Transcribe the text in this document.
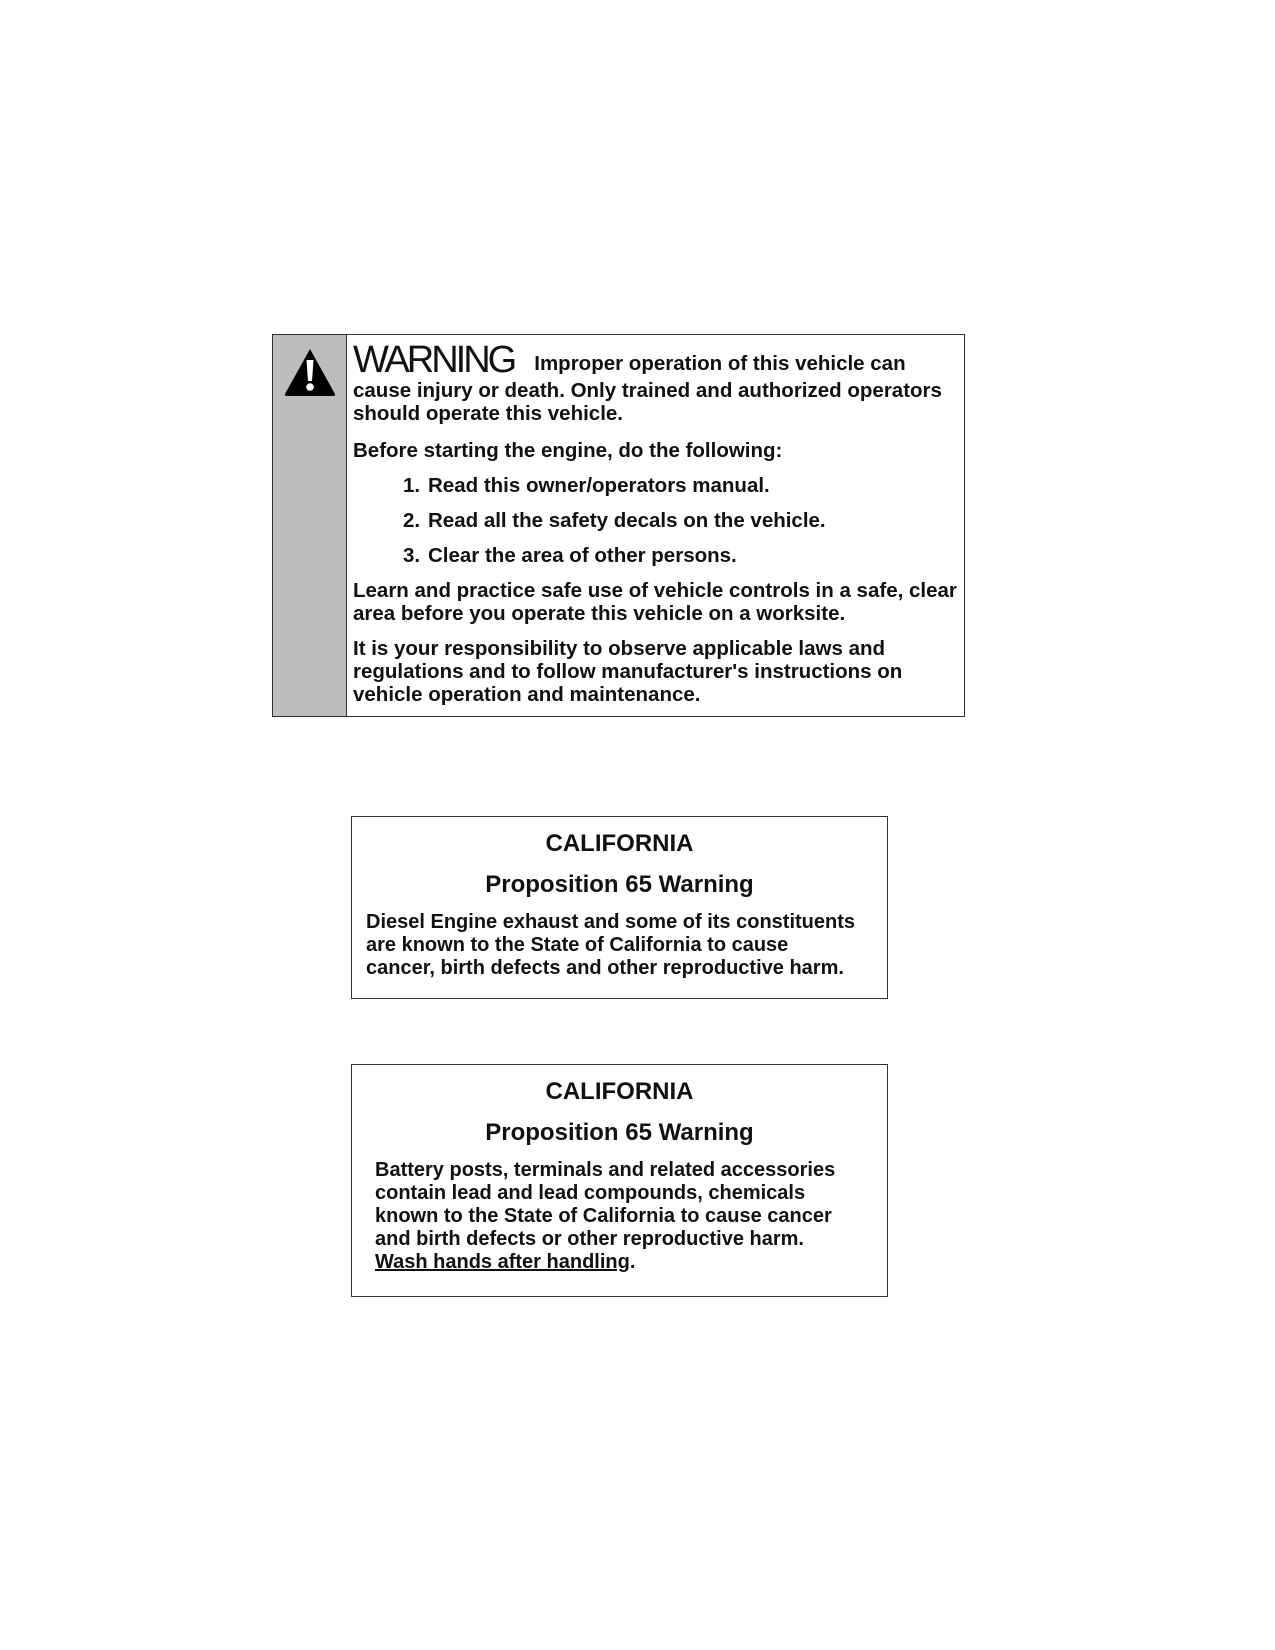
WARNING Improper operation of this vehicle can cause injury or death. Only trained and authorized operators should operate this vehicle.

Before starting the engine, do the following:

1. Read this owner/operators manual.
2. Read all the safety decals on the vehicle.
3. Clear the area of other persons.

Learn and practice safe use of vehicle controls in a safe, clear area before you operate this vehicle on a worksite.

It is your responsibility to observe applicable laws and regulations and to follow manufacturer's instructions on vehicle operation and maintenance.

CALIFORNIA
Proposition 65 Warning
Diesel Engine exhaust and some of its constituents
are known to the State of California to cause
cancer, birth defects and other reproductive harm.
CALIFORNIA
Proposition 65 Warning
Battery posts, terminals and related accessories
contain lead and lead compounds, chemicals
known to the State of California to cause cancer
and birth defects or other reproductive harm.
Wash hands after handling.
